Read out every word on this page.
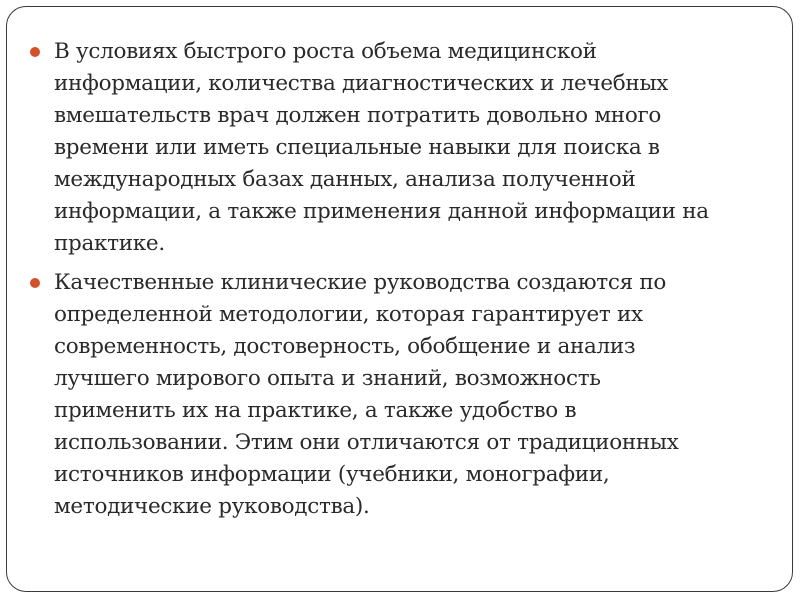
В условиях быстрого роста объема медицинской информации, количества диагностических и лечебных вмешательств врач должен потратить довольно много времени или иметь специальные навыки для поиска в международных базах данных, анализа полученной информации, а также применения данной информации на практике.
Качественные клинические руководства создаются по определенной методологии, которая гарантирует их современность, достоверность, обобщение и анализ лучшего мирового опыта и знаний, возможность применить их на практике, а также удобство в использовании. Этим они отличаются от традиционных источников информации (учебники, монографии, методические руководства).
